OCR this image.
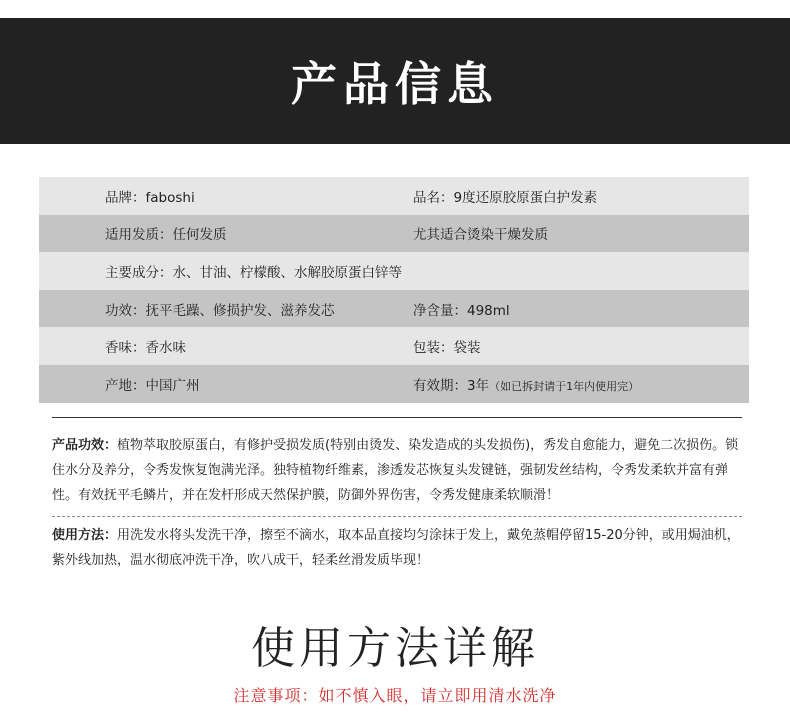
产品信息
品牌：faboshi	品名：9度还原胶原蛋白护发素
适用发质：任何发质	尤其适合烫染干燥发质
主要成分：水、甘油、柠檬酸、水解胶原蛋白锌等
功效：抚平毛躁、修损护发、滋养发芯	净含量：498ml
香味：香水味	包装：袋装
产地：中国广州	有效期：3年（如已拆封请于1年内使用完）
产品功效：植物萃取胶原蛋白，有修护受损发质(特别由烫发、染发造成的头发损伤)，秀发自愈能力，避免二次损伤。锁住水分及养分，令秀发恢复饱满光泽。独特植物纤维素，渗透发芯恢复头发键链，强韧发丝结构，令秀发柔软并富有弹性。有效抚平毛鳞片，并在发杆形成天然保护膜，防御外界伤害，令秀发健康柔软顺滑！
使用方法：用洗发水将头发洗干净，擦至不滴水，取本品直接均匀涂抹于发上，戴免蒸帽停留15-20分钟，或用焗油机，紫外线加热，温水彻底冲洗干净，吹八成干，轻柔丝滑发质毕现！
使用方法详解
注意事项：如不慎入眼，请立即用清水洗净
